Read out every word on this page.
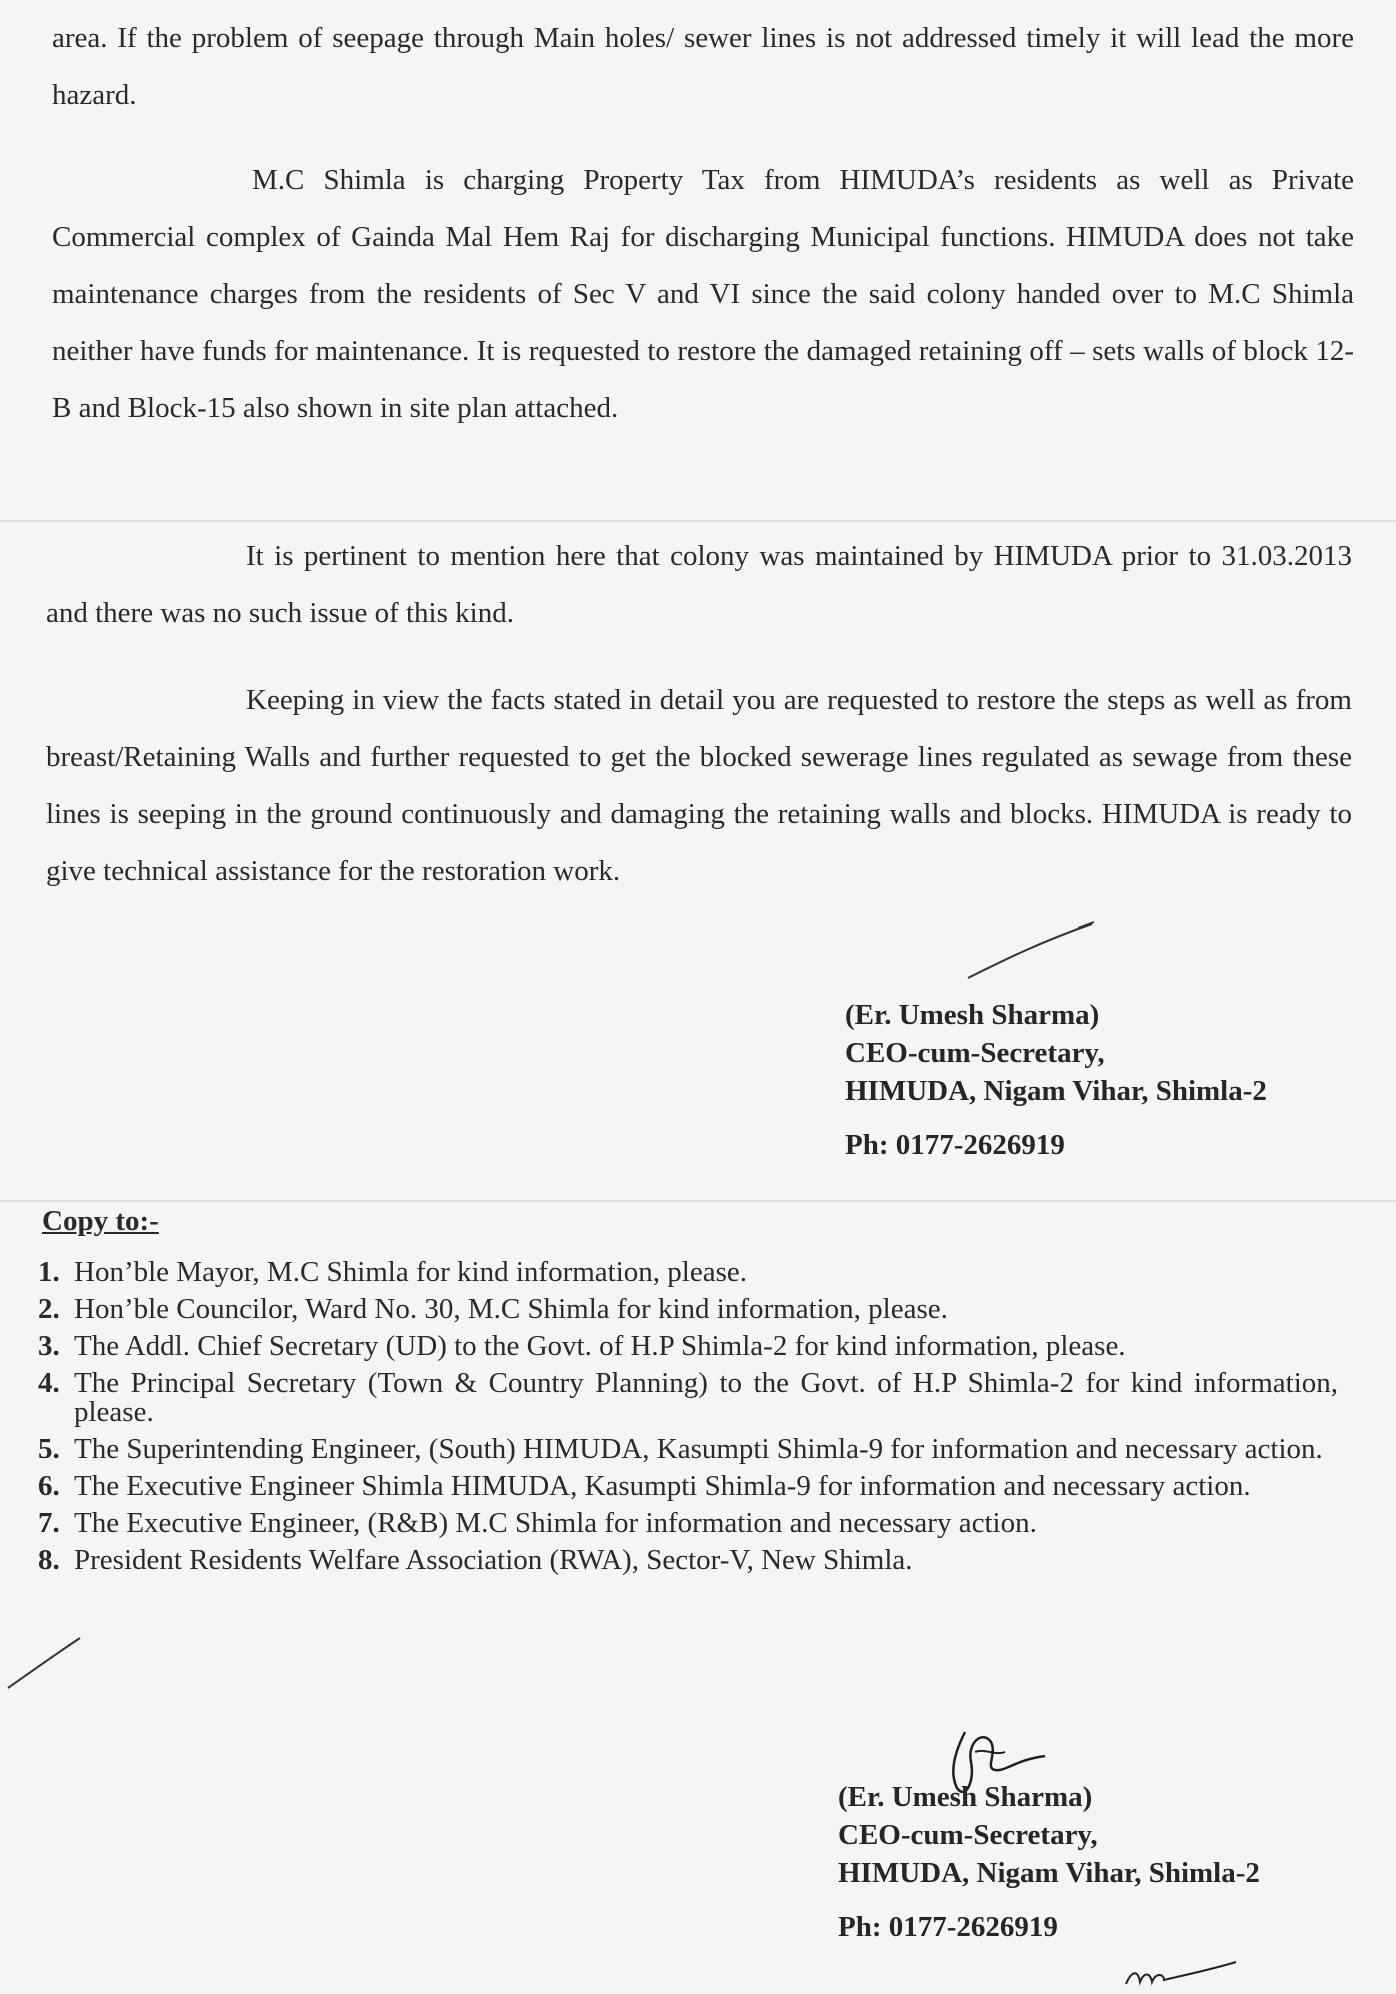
area. If the problem of seepage through Main holes/ sewer lines is not addressed timely it will lead the more hazard.

M.C Shimla is charging Property Tax from HIMUDA’s residents as well as Private Commercial complex of Gainda Mal Hem Raj for discharging Municipal functions. HIMUDA does not take maintenance charges from the residents of Sec V and VI since the said colony handed over to M.C Shimla neither have funds for maintenance. It is requested to restore the damaged retaining off – sets walls of block 12-B and Block-15 also shown in site plan attached.

It is pertinent to mention here that colony was maintained by HIMUDA prior to 31.03.2013 and there was no such issue of this kind.

Keeping in view the facts stated in detail you are requested to restore the steps as well as from breast/Retaining Walls and further requested to get the blocked sewerage lines regulated as sewage from these lines is seeping in the ground continuously and damaging the retaining walls and blocks. HIMUDA is ready to give technical assistance for the restoration work.

(Er. Umesh Sharma)
CEO-cum-Secretary,
HIMUDA, Nigam Vihar, Shimla-2
Ph: 0177-2626919
Copy to:-
1. Hon’ble Mayor, M.C Shimla for kind information, please.
2. Hon’ble Councilor, Ward No. 30, M.C Shimla for kind information, please.
3. The Addl. Chief Secretary (UD) to the Govt. of H.P Shimla-2 for kind information, please.
4. The Principal Secretary (Town & Country Planning) to the Govt. of H.P Shimla-2 for kind information, please.
5. The Superintending Engineer, (South) HIMUDA, Kasumpti Shimla-9 for information and necessary action.
6. The Executive Engineer Shimla HIMUDA, Kasumpti Shimla-9 for information and necessary action.
7. The Executive Engineer, (R&B) M.C Shimla for information and necessary action.
8. President Residents Welfare Association (RWA), Sector-V, New Shimla.
(Er. Umesh Sharma)
CEO-cum-Secretary,
HIMUDA, Nigam Vihar, Shimla-2
Ph: 0177-2626919
